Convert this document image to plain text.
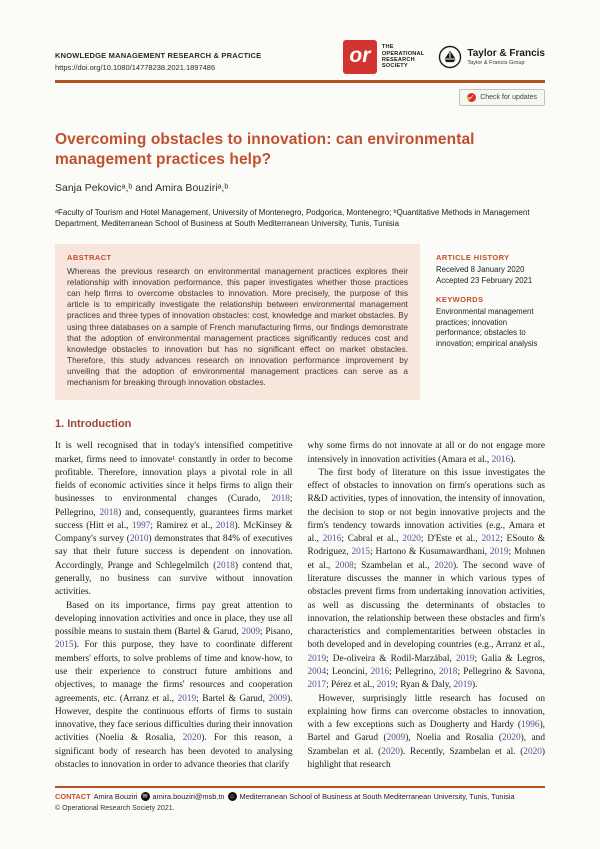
KNOWLEDGE MANAGEMENT RESEARCH & PRACTICE
https://doi.org/10.1080/14778238.2021.1897486
or	THE
OPERATIONAL
RESEARCH
SOCIETY
Taylor & Francis
Taylor & Francis Group
✓ Check for updates
Overcoming obstacles to innovation: can environmental management practices help?
Sanja Pekovicᵃ,ᵇ and Amira Bouziriᵃ,ᵇ
ᵃFaculty of Tourism and Hotel Management, University of Montenegro, Podgorica, Montenegro; ᵇQuantitative Methods in Management Department, Mediterranean School of Business at South Mediterranean University, Tunis, Tunisia
ABSTRACT
Whereas the previous research on environmental management practices explores their relationship with innovation performance, this paper investigates whether those practices can help firms to overcome obstacles to innovation. More precisely, the purpose of this article is to empirically investigate the relationship between environmental management practices and three types of innovation obstacles: cost, knowledge and market obstacles. By using three databases on a sample of French manufacturing firms, our findings demonstrate that the adoption of environmental management practices significantly reduces cost and knowledge obstacles to innovation but has no significant effect on market obstacles. Therefore, this study advances research on innovation performance improvement by unveiling that the adoption of environmental management practices can serve as a mechanism for breaking through innovation obstacles.
ARTICLE HISTORY
Received 8 January 2020
Accepted 23 February 2021
KEYWORDS
Environmental management practices; innovation performance; obstacles to innovation; empirical analysis
1. Introduction

It is well recognised that in today's intensified competitive market, firms need to innovate¹ constantly in order to become profitable. Therefore, innovation plays a pivotal role in all fields of economic activities since it helps firms to align their businesses to environmental changes (Curado, 2018; Pellegrino, 2018) and, consequently, guarantees firms market success (Hitt et al., 1997; Ramirez et al., 2018). McKinsey & Company's survey (2010) demonstrates that 84% of executives say that their future success is dependent on innovation. Accordingly, Prange and Schlegelmilch (2018) contend that, generally, no business can survive without innovation activities.

Based on its importance, firms pay great attention to developing innovation activities and once in place, they use all possible means to sustain them (Bartel & Garud, 2009; Pisano, 2015). For this purpose, they have to coordinate different members' efforts, to solve problems of time and know-how, to use their experience to construct future ambitions and objectives, to manage the firms' resources and cooperation agreements, etc. (Arranz et al., 2019; Bartel & Garud, 2009). However, despite the continuous efforts of firms to sustain innovative, they face serious difficulties during their innovation activities (Noelia & Rosalia, 2020). For this reason, a significant body of research has been devoted to analysing obstacles to innovation in order to advance theories that clarify

why some firms do not innovate at all or do not engage more intensively in innovation activities (Amara et al., 2016).

The first body of literature on this issue investigates the effect of obstacles to innovation on firm's operations such as R&D activities, types of innovation, the intensity of innovation, the decision to stop or not begin innovative projects and the firm's tendency towards innovation activities (e.g., Amara et al., 2016; Cabral et al., 2020; D'Este et al., 2012; ESouto & Rodriguez, 2015; Hartono & Kusumawardhani, 2019; Mohnen et al., 2008; Szambelan et al., 2020). The second wave of literature discusses the manner in which various types of obstacles prevent firms from undertaking innovation activities, as well as discussing the determinants of obstacles to innovation, the relationship between these obstacles and firm's characteristics and complementarities between obstacles in both developed and in developing countries (e.g., Arranz et al., 2019; De-oliveira & Rodil-Marzábal, 2019; Galia & Legros, 2004; Leoncini, 2016; Pellegrino, 2018; Pellegrino & Savona, 2017; Pérez et al., 2019; Ryan & Daly, 2019).

However, surprisingly little research has focused on explaining how firms can overcome obstacles to innovation, with a few exceptions such as Dougherty and Hardy (1996), Bartel and Garud (2009), Noelia and Rosalia (2020), and Szambelan et al. (2020). Recently, Szambelan et al. (2020) highlight that research

CONTACT Amira Bouziri ✉ amira.bouziri@msb.tn ⌂ Mediterranean School of Business at South Mediterranean University, Tunis, Tunisia
© Operational Research Society 2021.
